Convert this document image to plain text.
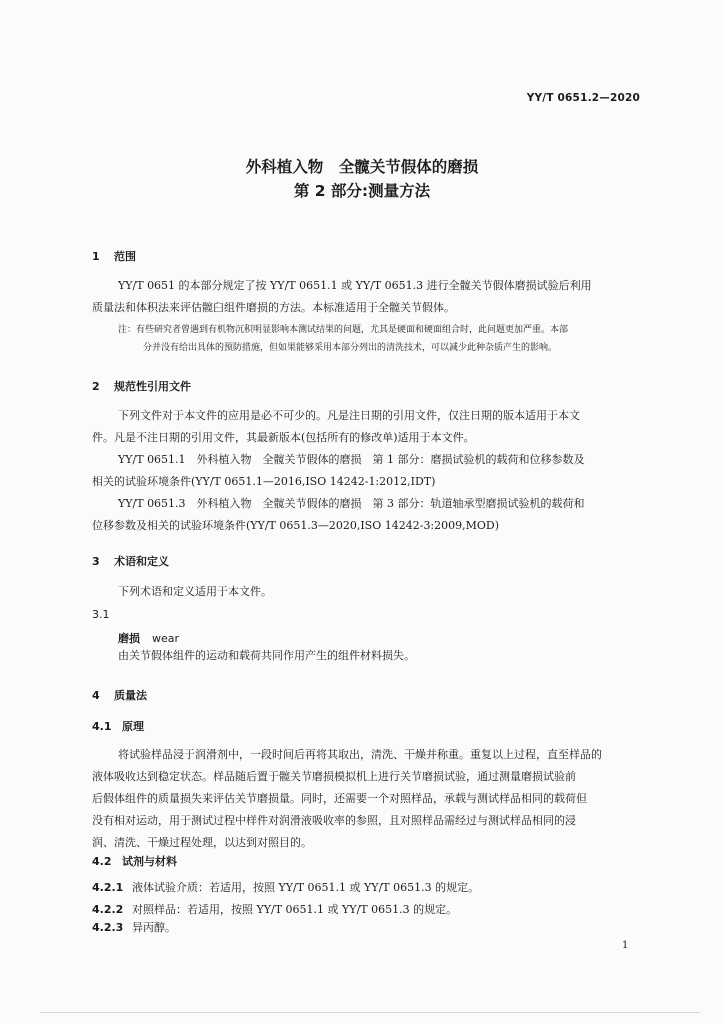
YY/T 0651.2—2020
外科植入物　全髋关节假体的磨损
第 2 部分:测量方法
1 范围
YY/T 0651 的本部分规定了按 YY/T 0651.1 或 YY/T 0651.3 进行全髋关节假体磨损试验后利用
质量法和体积法来评估髋臼组件磨损的方法。本标准适用于全髋关节假体。
注：有些研究者曾遇到有机物沉积明显影响本测试结果的问题，尤其是硬面和硬面组合时，此问题更加严重。本部
分并没有给出具体的预防措施，但如果能够采用本部分列出的清洗技术，可以减少此种杂质产生的影响。
2 规范性引用文件
下列文件对于本文件的应用是必不可少的。凡是注日期的引用文件，仅注日期的版本适用于本文
件。凡是不注日期的引用文件，其最新版本(包括所有的修改单)适用于本文件。
YY/T 0651.1　外科植入物　全髋关节假体的磨损　第 1 部分：磨损试验机的载荷和位移参数及
相关的试验环境条件(YY/T 0651.1—2016,ISO 14242-1:2012,IDT)
YY/T 0651.3　外科植入物　全髋关节假体的磨损　第 3 部分：轨道轴承型磨损试验机的载荷和
位移参数及相关的试验环境条件(YY/T 0651.3—2020,ISO 14242-3:2009,MOD)
3 术语和定义
下列术语和定义适用于本文件。
3.1
磨损 wear
由关节假体组件的运动和载荷共同作用产生的组件材料损失。
4 质量法
4.1 原理
将试验样品浸于润滑剂中，一段时间后再将其取出，清洗、干燥并称重。重复以上过程，直至样品的
液体吸收达到稳定状态。样品随后置于髋关节磨损模拟机上进行关节磨损试验，通过测量磨损试验前
后假体组件的质量损失来评估关节磨损量。同时，还需要一个对照样品，承载与测试样品相同的载荷但
没有相对运动，用于测试过程中样件对润滑液吸收率的参照，且对照样品需经过与测试样品相同的浸
润、清洗、干燥过程处理，以达到对照目的。
4.2 试剂与材料
4.2.1 液体试验介质：若适用，按照 YY/T 0651.1 或 YY/T 0651.3 的规定。
4.2.2 对照样品：若适用，按照 YY/T 0651.1 或 YY/T 0651.3 的规定。
4.2.3 异丙醇。
1
